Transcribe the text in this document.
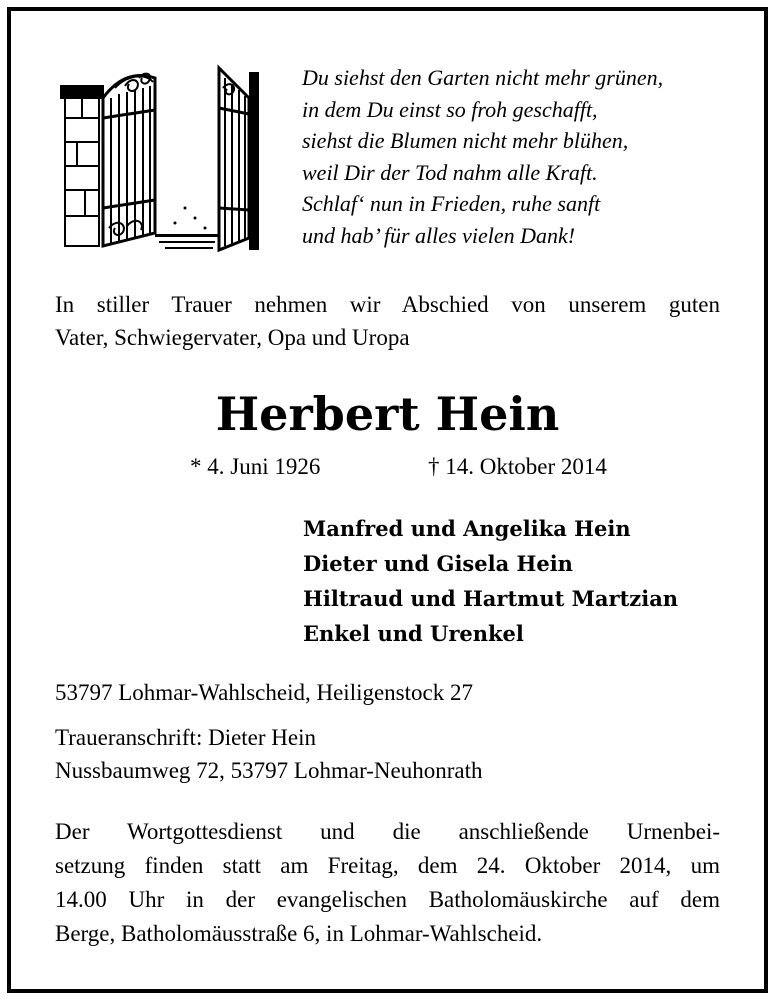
Du siehst den Garten nicht mehr grünen,
in dem Du einst so froh geschafft,
siehst die Blumen nicht mehr blühen,
weil Dir der Tod nahm alle Kraft.
Schlaf‘ nun in Frieden, ruhe sanft
und hab’ für alles vielen Dank!
In stiller Trauer nehmen wir Abschied von unserem guten
Vater, Schwiegervater, Opa und Uropa
Herbert Hein
* 4. Juni 1926	† 14. Oktober 2014
Manfred und Angelika Hein
Dieter und Gisela Hein
Hiltraud und Hartmut Martzian
Enkel und Urenkel
53797 Lohmar-Wahlscheid, Heiligenstock 27
Traueranschrift: Dieter Hein
Nussbaumweg 72, 53797 Lohmar-Neuhonrath
Der Wortgottesdienst und die anschließende Urnenbei-
setzung finden statt am Freitag, dem 24. Oktober 2014, um
14.00 Uhr in der evangelischen Batholomäuskirche auf dem
Berge, Batholomäusstraße 6, in Lohmar-Wahlscheid.
